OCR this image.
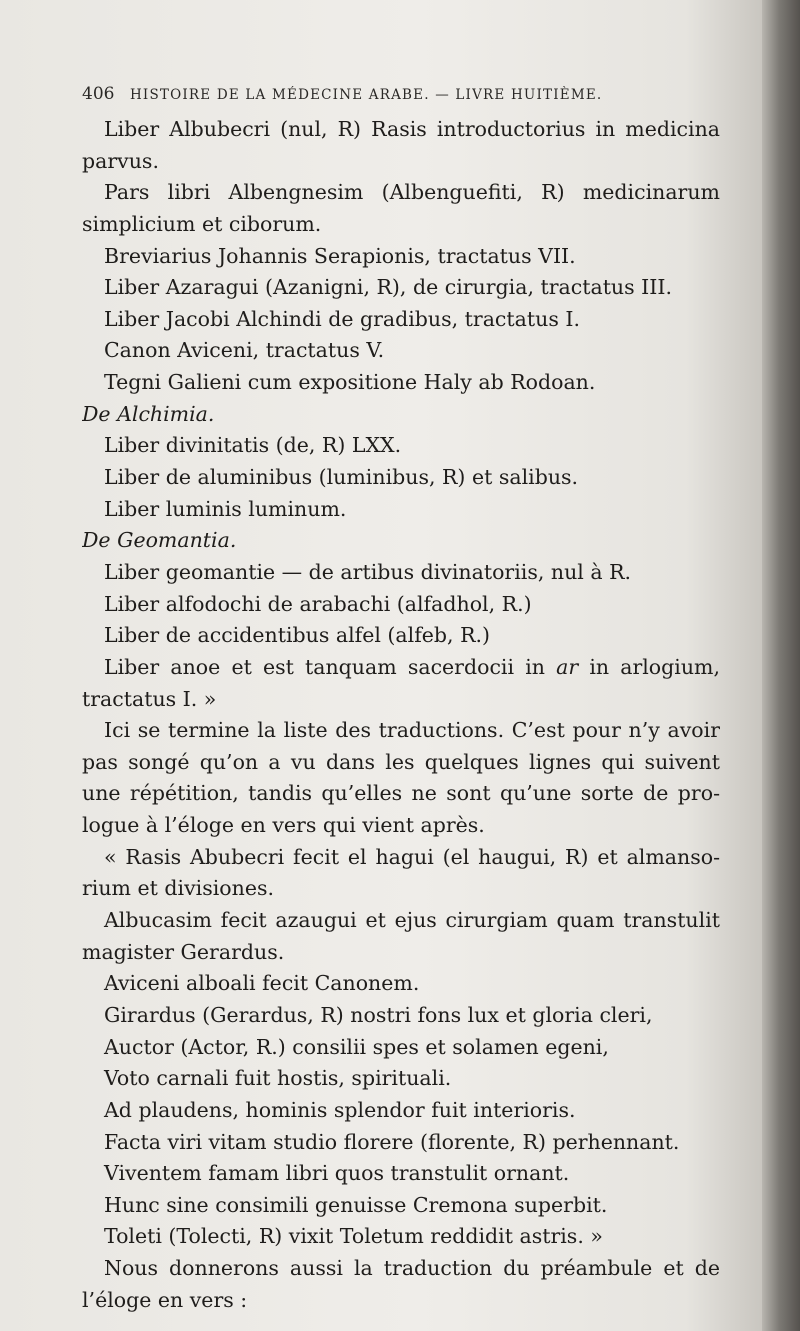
406 HISTOIRE DE LA MÉDECINE ARABE. — LIVRE HUITIÈME.
Liber Albubecri (nul, R) Rasis introductorius in medicina
parvus.
Pars libri Albengnesim (Albenguefiti, R) medicinarum
simplicium et ciborum.
Breviarius Johannis Serapionis, tractatus VII.
Liber Azaragui (Azanigni, R), de cirurgia, tractatus III.
Liber Jacobi Alchindi de gradibus, tractatus I.
Canon Aviceni, tractatus V.
Tegni Galieni cum expositione Haly ab Rodoan.
De Alchimia.
Liber divinitatis (de, R) LXX.
Liber de aluminibus (luminibus, R) et salibus.
Liber luminis luminum.
De Geomantia.
Liber geomantie — de artibus divinatoriis, nul à R.
Liber alfodochi de arabachi (alfadhol, R.)
Liber de accidentibus alfel (alfeb, R.)
Liber anoe et est tanquam sacerdocii in ar in arlogium,
tractatus I. »
Ici se termine la liste des traductions. C’est pour n’y avoir
pas songé qu’on a vu dans les quelques lignes qui suivent
une répétition, tandis qu’elles ne sont qu’une sorte de pro-
logue à l’éloge en vers qui vient après.
« Rasis Abubecri fecit el hagui (el haugui, R) et almanso-
rium et divisiones.
Albucasim fecit azaugui et ejus cirurgiam quam transtulit
magister Gerardus.
Aviceni alboali fecit Canonem.
Girardus (Gerardus, R) nostri fons lux et gloria cleri,
Auctor (Actor, R.) consilii spes et solamen egeni,
Voto carnali fuit hostis, spirituali.
Ad plaudens, hominis splendor fuit interioris.
Facta viri vitam studio florere (florente, R) perhennant.
Viventem famam libri quos transtulit ornant.
Hunc sine consimili genuisse Cremona superbit.
Toleti (Tolecti, R) vixit Toletum reddidit astris. »
Nous donnerons aussi la traduction du préambule et de
l’éloge en vers :
